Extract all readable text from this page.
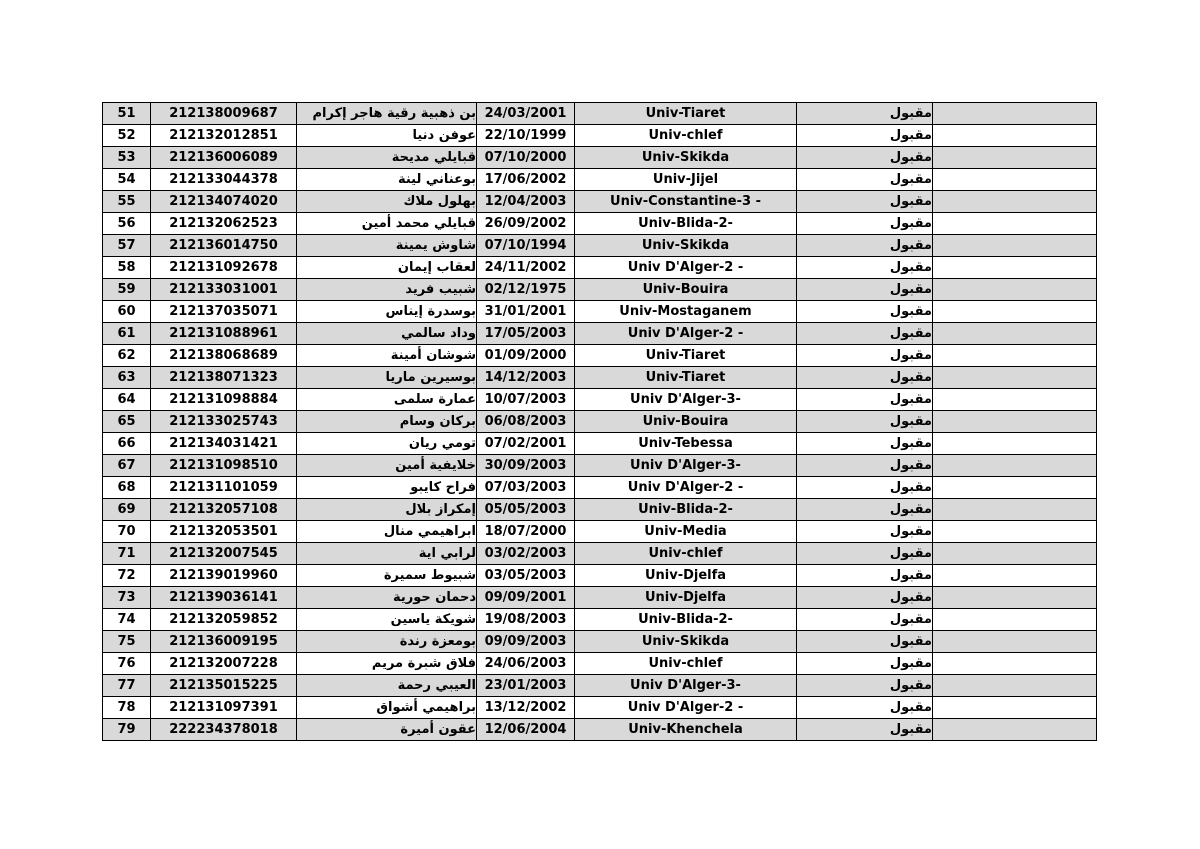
51	212138009687	بن ذهبية رقية هاجر إكرام	24/03/2001	Univ-Tiaret	مقبول	
52	212132012851	عوفن دنيا	22/10/1999	Univ-chlef	مقبول	
53	212136006089	قبايلي مديحة	07/10/2000	Univ-Skikda	مقبول	
54	212133044378	بوعناني لينة	17/06/2002	Univ-Jijel	مقبول	
55	212134074020	بهلول ملاك	12/04/2003	Univ-Constantine-3 -	مقبول	
56	212132062523	قبايلي محمد أمين	26/09/2002	Univ-Blida-2-	مقبول	
57	212136014750	شاوش يمينة	07/10/1994	Univ-Skikda	مقبول	
58	212131092678	لعقاب إيمان	24/11/2002	Univ D'Alger-2 -	مقبول	
59	212133031001	شبيب فريد	02/12/1975	Univ-Bouira	مقبول	
60	212137035071	بوسدرة إيناس	31/01/2001	Univ-Mostaganem	مقبول	
61	212131088961	وداد سالمي	17/05/2003	Univ D'Alger-2 -	مقبول	
62	212138068689	شوشان أمينة	01/09/2000	Univ-Tiaret	مقبول	
63	212138071323	بوسيرين ماريا	14/12/2003	Univ-Tiaret	مقبول	
64	212131098884	عمارة سلمى	10/07/2003	Univ D'Alger-3-	مقبول	
65	212133025743	بركان وسام	06/08/2003	Univ-Bouira	مقبول	
66	212134031421	تومي ريان	07/02/2001	Univ-Tebessa	مقبول	
67	212131098510	خلايفية أمين	30/09/2003	Univ D'Alger-3-	مقبول	
68	212131101059	فراح كايبو	07/03/2003	Univ D'Alger-2 -	مقبول	
69	212132057108	إمكراز بلال	05/05/2003	Univ-Blida-2-	مقبول	
70	212132053501	ابراهيمي منال	18/07/2000	Univ-Media	مقبول	
71	212132007545	لرابي اية	03/02/2003	Univ-chlef	مقبول	
72	212139019960	شبيوط سميرة	03/05/2003	Univ-Djelfa	مقبول	
73	212139036141	دحمان حورية	09/09/2001	Univ-Djelfa	مقبول	
74	212132059852	شويكة ياسين	19/08/2003	Univ-Blida-2-	مقبول	
75	212136009195	بومعزة رندة	09/09/2003	Univ-Skikda	مقبول	
76	212132007228	فلاق شبرة مريم	24/06/2003	Univ-chlef	مقبول	
77	212135015225	العيبي رحمة	23/01/2003	Univ D'Alger-3-	مقبول	
78	212131097391	براهيمي أشواق	13/12/2002	Univ D'Alger-2 -	مقبول	
79	222234378018	عقون أميرة	12/06/2004	Univ-Khenchela	مقبول	
